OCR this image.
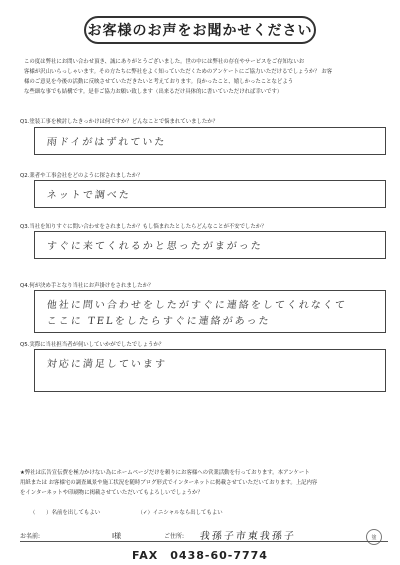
お客様のお声をお聞かせください

この度は弊社にお問い合わせ頂き、誠にありがとうございました。世の中には弊社の存在やサービスをご存知ないお

客様が沢山いらっしゃいます。その方たちに弊社をよく知っていただくためのアンケートにご協力いただけるでしょうか？ お客

様のご意見を今後の活動に反映させていただきたいと考えております。良かったこと、嬉しかったことなどよう

な些細な事でも結構です。是非ご協力お願い致します（出来るだけ具体的に書いていただければ幸いです）

Q1.塗装工事を検討したきっかけは何ですか？どんなことで悩まれていましたか？
雨ドイがはずれていた
Q2.業者や工事会社をどのように探されましたか？
ネットで調べた
Q3.当社を知りすぐに問い合わせをされましたか？もし悩まれたとしたらどんなことが不安でしたか？
すぐに来てくれるかと思ったがまがった
Q4.何が決め手となり当社にお声掛けをされましたか？
他社に問い合わせをしたがすぐに連絡をしてくれなくて
ここに TELをしたらすぐに連絡があった
Q5.実際に当社担当者が伺いしていかがでしたでしょうか？
対応に満足しています

★弊社は広告宣伝費を極力かけない為にホームページだけを頼りにお客様への営業活動を行っております。本アンケート

用紙または お客様宅の調査風景や施工状況を随時ブログ形式でインターネットに掲載させていただいております。上記内容

をインターネットや印刷物に掲載させていただいてもよろしいでしょうか？

（　　）名前を出してもよい	（✓）イニシャルなら出してもよい
お名前:	I様	ご住所: 我孫子市東我孫子	塗
FAX　0438-60-7774
